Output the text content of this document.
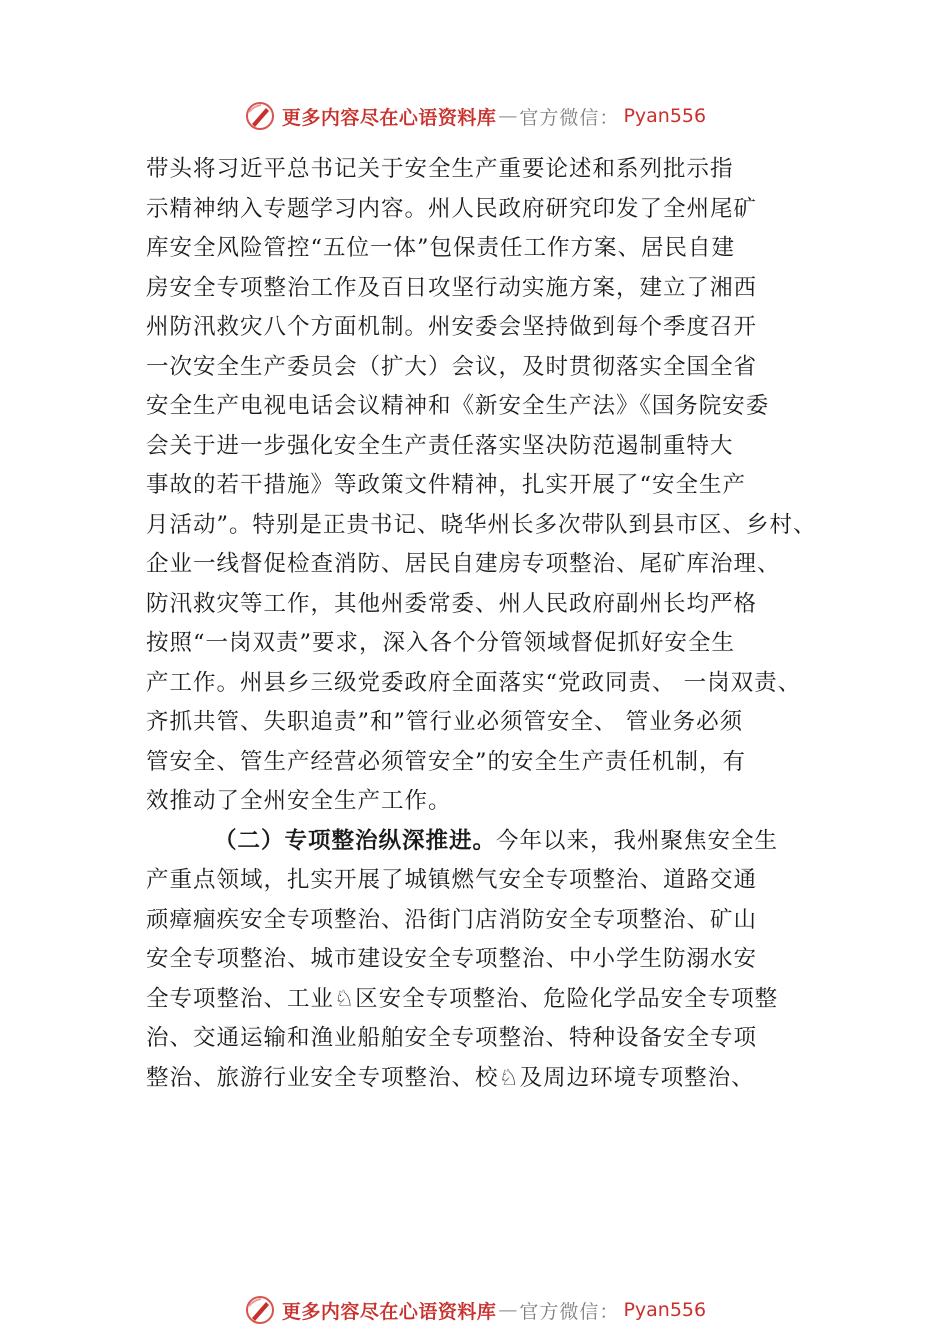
更多内容尽在心语资料库 — 官方微信： Pyan556
带头将习近平总书记关于安全生产重要论述和系列批示指
示精神纳入专题学习内容。州人民政府研究印发了全州尾矿
库安全风险管控“五位一体”包保责任工作方案、居民自建
房安全专项整治工作及百日攻坚行动实施方案，建立了湘西
州防汛救灾八个方面机制。州安委会坚持做到每个季度召开
一次安全生产委员会（扩大）会议，及时贯彻落实全国全省
安全生产电视电话会议精神和《新安全生产法》《国务院安委
会关于进一步强化安全生产责任落实坚决防范遏制重特大
事故的若干措施》等政策文件精神，扎实开展了“安全生产
月活动”。特别是正贵书记、晓华州长多次带队到县市区、乡村、
企业一线督促检查消防、居民自建房专项整治、尾矿库治理、
防汛救灾等工作，其他州委常委、州人民政府副州长均严格
按照“一岗双责”要求，深入各个分管领域督促抓好安全生
产工作。州县乡三级党委政府全面落实“党政同责、 一岗双责、
齐抓共管、失职追责”和”管行业必须管安全、 管业务必须
管安全、管生产经营必须管安全”的安全生产责任机制，有
效推动了全州安全生产工作。
（二）专项整治纵深推进。今年以来，我州聚焦安全生
产重点领域，扎实开展了城镇燃气安全专项整治、道路交通
顽瘴痼疾安全专项整治、沿街门店消防安全专项整治、矿山
安全专项整治、城市建设安全专项整治、中小学生防溺水安
全专项整治、工业♘区安全专项整治、危险化学品安全专项整
治、交通运输和渔业船舶安全专项整治、特种设备安全专项
整治、旅游行业安全专项整治、校♘及周边环境专项整治、
更多内容尽在心语资料库 — 官方微信： Pyan556
